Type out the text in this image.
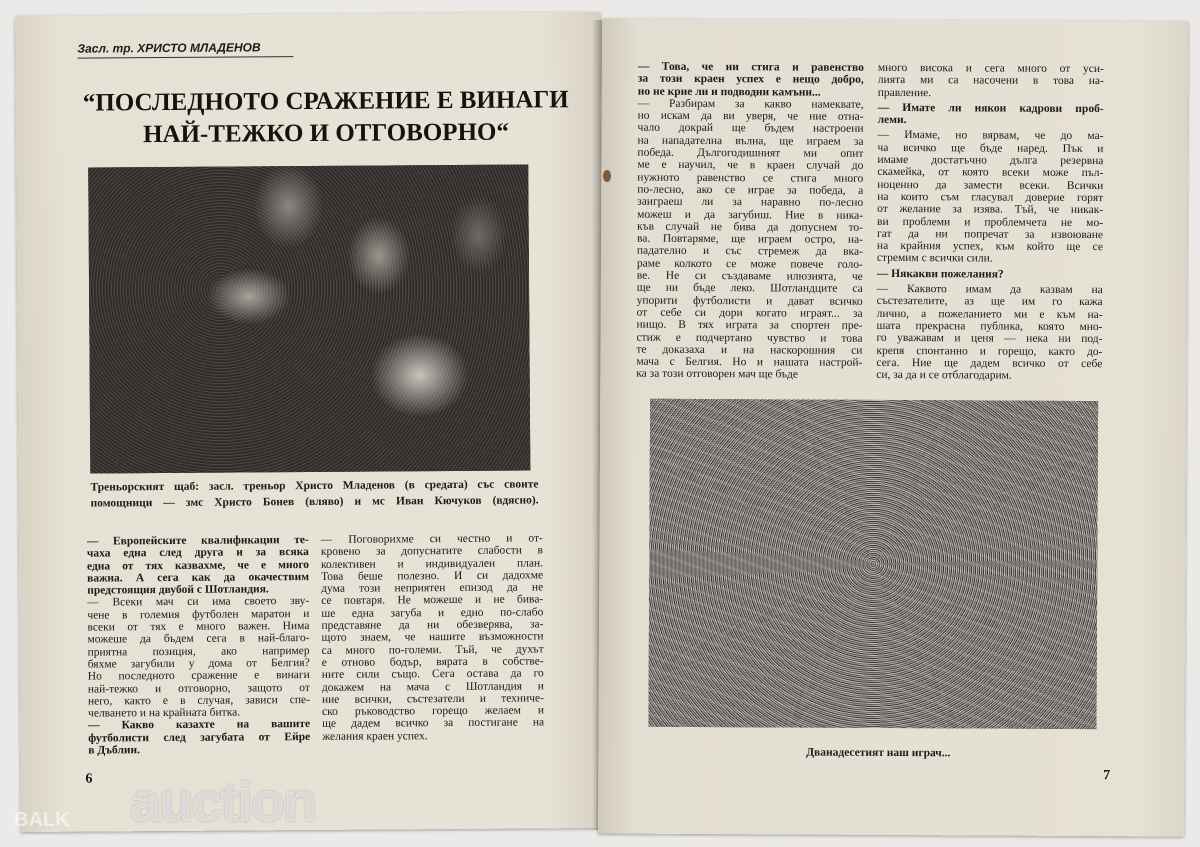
Засл. тр. ХРИСТО МЛАДЕНОВ
“ПОСЛЕДНОТО СРАЖЕНИЕ Е ВИНАГИ
НАЙ-ТЕЖКО И ОТГОВОРНО“
Треньорският щаб: засл. треньор Христо Младенов (в средата) със своите помощници — змс Христо Бонев (вляво) и мс Иван Кючуков (вдясно).
— Европейските квалификации те-
чаха една след друга и за всяка
една от тях казвахме, че е много
важна. А сега как да окачествим
предстоящия двубой с Шотландия.
— Всеки мач си има своето зву-
чене в големия футболен маратон и
всеки от тях е много важен. Нима
можеше да бъдем сега в най-благо-
приятна позиция, ако например
бяхме загубили у дома от Белгия?
Но последното сражение е винаги
най-тежко и отговорно, защото от
него, както е в случая, зависи спе-
челването и на крайната битка.
— Какво казахте на вашите
футболисти след загубата от Ейре
в Дъблин.
— Поговорихме си честно и от-
кровено за допуснатите слабости в
колективен и индивидуален план.
Това беше полезно. И си дадохме
дума този неприятен епизод да не
се повтаря. Не можеше и не бива-
ше една загуба и едно по-слабо
представяне да ни обезверява, за-
щото знаем, че нашите възможности
са много по-големи. Тъй, че духът
е отново бодър, вярата в собстве-
ните сили също. Сега остава да го
докажем на мача с Шотландия и
ние всички, състезатели и техниче-
ско ръководство горещо желаем и
ще дадем всичко за постигане на
желания краен успех.
6
— Това, че ни стига и равенство
за този краен успех е нещо добро,
но не крие ли и подводни камъни...
— Разбирам за какво намеквате,
но искам да ви уверя, че ние отна-
чало докрай ще бъдем настроени
на нападателна вълна, ще играем за
победа. Дългогодишният ми опит
ме е научил, че в краен случай до
нужното равенство се стига много
по-лесно, ако се играе за победа, а
заиграеш ли за наравно по-лесно
можеш и да загубиш. Ние в ника-
къв случай не бива да допуснем то-
ва. Повтаряме, ще играем остро, на-
падателно и със стремеж да вка-
раме колкото се може повече голо-
ве. Не си създаваме илюзията, че
ще ни бъде леко. Шотландците са
упорити футболисти и дават всичко
от себе си дори когато играят... за
нищо. В тях играта за спортен пре-
стиж е подчертано чувство и това
те доказаха и на наскорошния си
мача с Белгия. Но и нашата настрой-
ка за този отговорен мач ще бъде
много висока и сега много от уси-
лията ми са насочени в това на-
правление.
— Имате ли някои кадрови проб-
леми.
— Имаме, но вярвам, че до ма-
ча всичко ще бъде наред. Пък и
имаме достатъчно дълга резервна
скамейка, от която всеки може пъл-
ноценно да замести всеки. Всички
на които съм гласувал доверие горят
от желание за изява. Тъй, че никак-
ви проблеми и проблемчета не мо-
гат да ни попречат за извоюване
на крайния успех, към който ще се
стремим с всички сили.
— Някакви пожелания?
— Каквото имам да казвам на
състезателите, аз ще им го кажа
лично, а пожеланието ми е към на-
шата прекрасна публика, която мно-
го уважавам и ценя — нека ни под-
крепя спонтанно и горещо, както до-
сега. Ние ще дадем всичко от себе
си, за да и се отблагодарим.
Дванадесетият наш играч...
7
BALK auction
